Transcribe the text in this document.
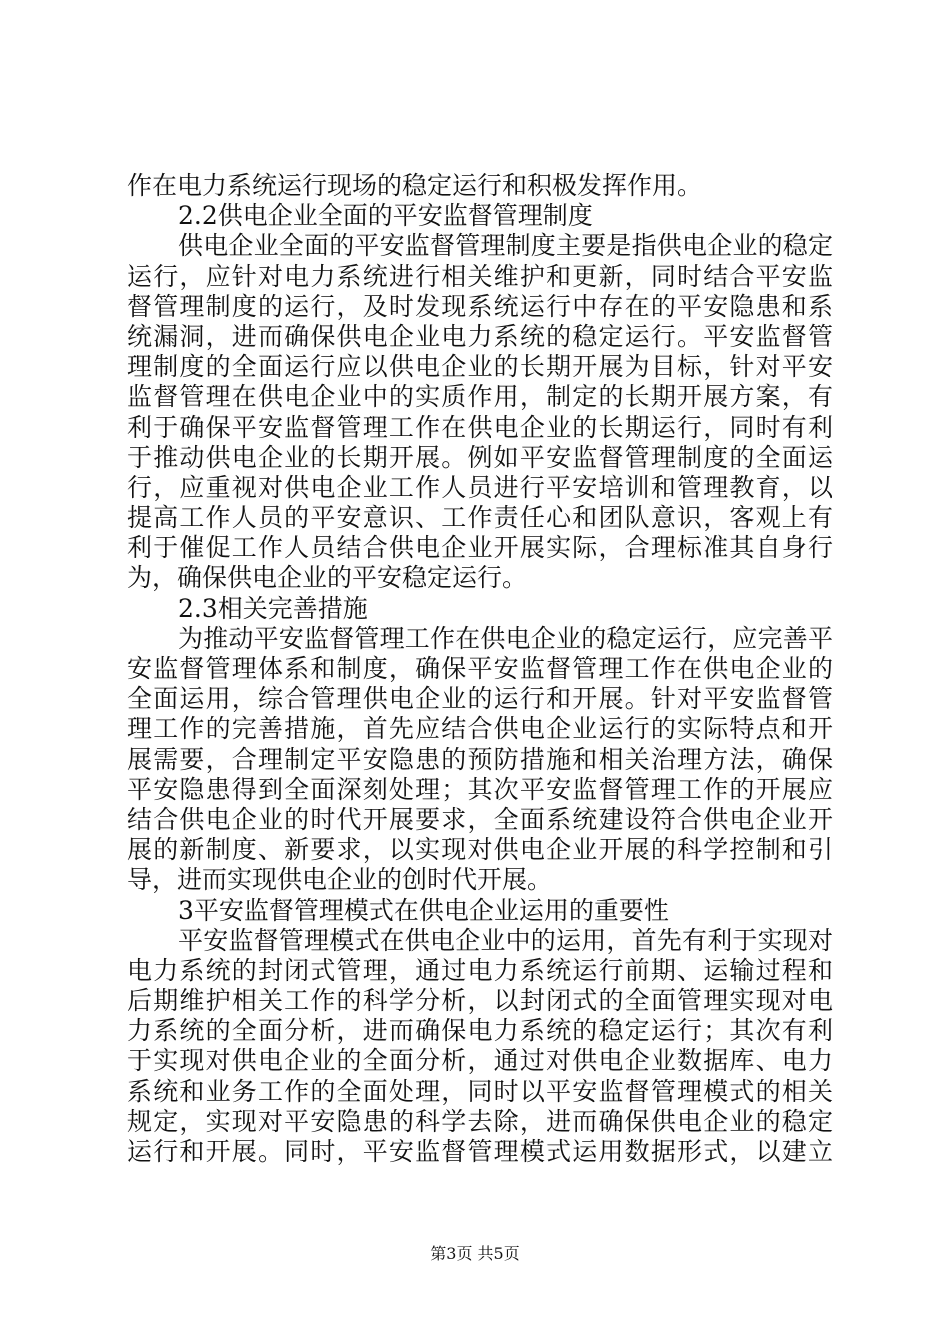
作在电力系统运行现场的稳定运行和积极发挥作用。
2.2供电企业全面的平安监督管理制度
供电企业全面的平安监督管理制度主要是指供电企业的稳定
运行，应针对电力系统进行相关维护和更新，同时结合平安监
督管理制度的运行，及时发现系统运行中存在的平安隐患和系
统漏洞，进而确保供电企业电力系统的稳定运行。平安监督管
理制度的全面运行应以供电企业的长期开展为目标，针对平安
监督管理在供电企业中的实质作用，制定的长期开展方案，有
利于确保平安监督管理工作在供电企业的长期运行，同时有利
于推动供电企业的长期开展。例如平安监督管理制度的全面运
行，应重视对供电企业工作人员进行平安培训和管理教育，以
提高工作人员的平安意识、工作责任心和团队意识，客观上有
利于催促工作人员结合供电企业开展实际，合理标准其自身行
为，确保供电企业的平安稳定运行。
2.3相关完善措施
为推动平安监督管理工作在供电企业的稳定运行，应完善平
安监督管理体系和制度，确保平安监督管理工作在供电企业的
全面运用，综合管理供电企业的运行和开展。针对平安监督管
理工作的完善措施，首先应结合供电企业运行的实际特点和开
展需要，合理制定平安隐患的预防措施和相关治理方法，确保
平安隐患得到全面深刻处理；其次平安监督管理工作的开展应
结合供电企业的时代开展要求，全面系统建设符合供电企业开
展的新制度、新要求，以实现对供电企业开展的科学控制和引
导，进而实现供电企业的创时代开展。
3平安监督管理模式在供电企业运用的重要性
平安监督管理模式在供电企业中的运用，首先有利于实现对
电力系统的封闭式管理，通过电力系统运行前期、运输过程和
后期维护相关工作的科学分析，以封闭式的全面管理实现对电
力系统的全面分析，进而确保电力系统的稳定运行；其次有利
于实现对供电企业的全面分析，通过对供电企业数据库、电力
系统和业务工作的全面处理，同时以平安监督管理模式的相关
规定，实现对平安隐患的科学去除，进而确保供电企业的稳定
运行和开展。同时，平安监督管理模式运用数据形式，以建立
第3页 共5页
